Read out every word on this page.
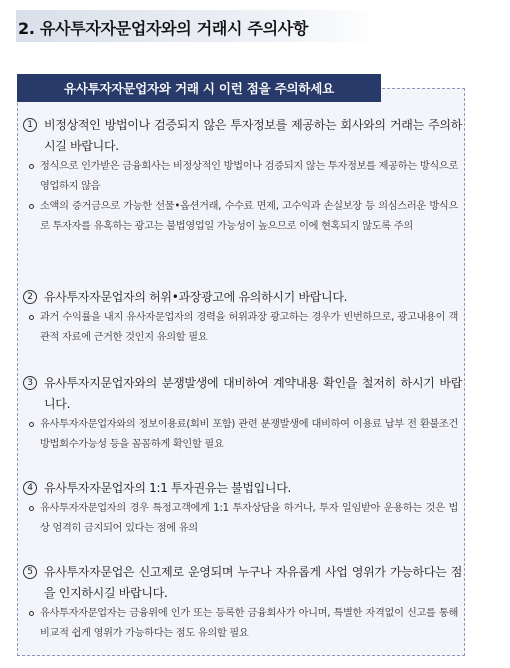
2. 유사투자자문업자와의 거래시 주의사항
유사투자자문업자와 거래 시 이런 점을 주의하세요
1 비정상적인 방법이나 검증되지 않은 투자정보를 제공하는 회사와의 거래는 주의하시길 바랍니다.
정식으로 인가받은 금융회사는 비정상적인 방법이나 검증되지 않는 투자정보를 제공하는 방식으로 영업하지 않음
소액의 증거금으로 가능한 선물•옵션거래, 수수료 면제, 고수익과 손실보장 등 의심스러운 방식으로 투자자를 유혹하는 광고는 불법영업일 가능성이 높으므로 이에 현혹되지 않도록 주의
2 유사투자자문업자의 허위•과장광고에 유의하시기 바랍니다.
과거 수익률을 내지 유사자문업자의 경력을 허위과장 광고하는 경우가 빈번하므로, 광고내용이 객관적 자료에 근거한 것인지 유의할 필요
3 유사투자지문업자와의 분쟁발생에 대비하여 계약내용 확인을 철저히 하시기 바랍니다.
유사투자자문업자와의 정보이용료(회비 포함) 관련 분쟁발생에 대비하여 이용료 납부 전 환불조건방법회수가능성 등을 꼼꼼하게 확인할 필요
4 유사투자자문업자의 1:1 투자권유는 불법입니다.
유사투자자문업자의 경우 특정고객에게 1:1 투자상담을 하거나, 투자 일임받아 운용하는 것은 법상 엄격히 금지되어 있다는 점에 유의
5 유사투자자문업은 신고제로 운영되며 누구나 자유롭게 사업 영위가 가능하다는 점을 인지하시길 바랍니다.
유사투자자문업자는 금융위에 인가 또는 등록한 금융회사가 아니며, 특별한 자격없이 신고를 통해 비교적 쉽게 영위가 가능하다는 점도 유의할 필요
